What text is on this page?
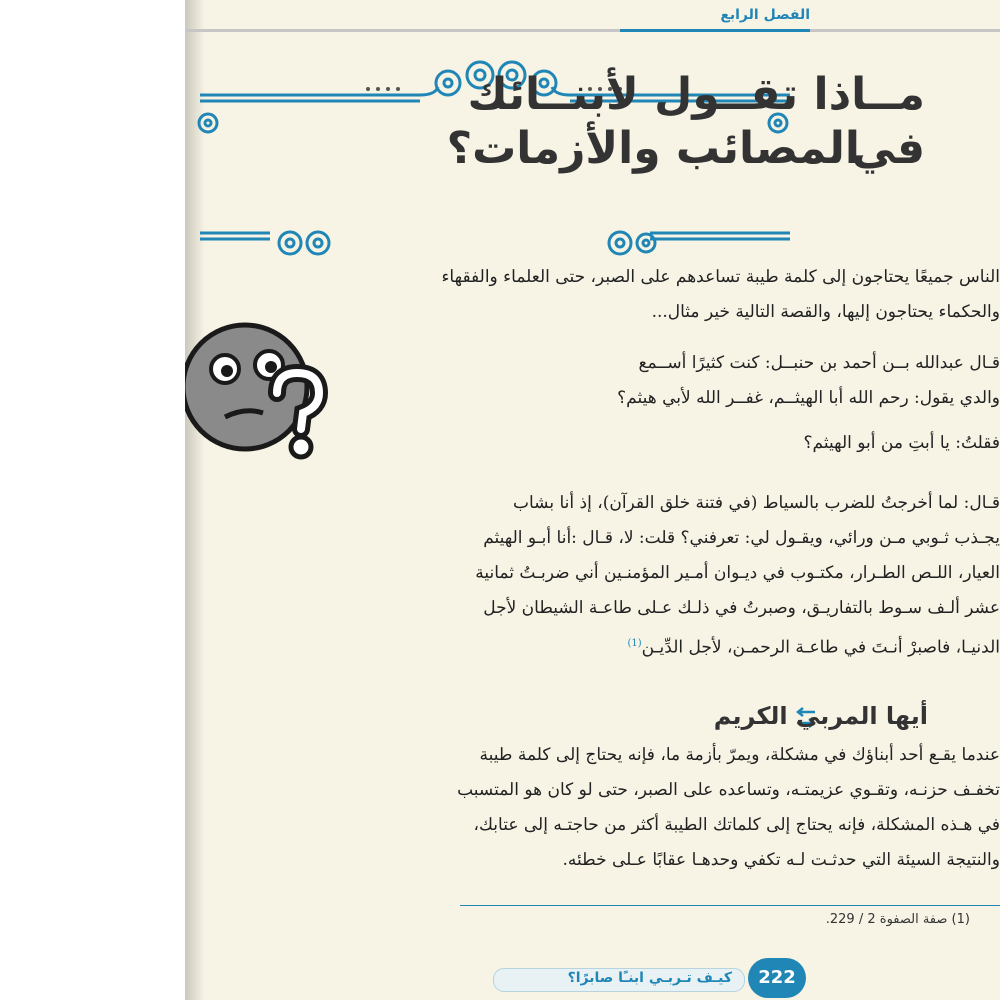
الفصل الرابع
مــاذا تقــول لأبنــائك في
المصائب والأزمات؟
الناس جميعًا يحتاجون إلى كلمة طيبة تساعدهم على الصبر، حتى العلماء والفقهاء
والحكماء يحتاجون إليها، والقصة التالية خير مثال...
قـال عبدالله بــن أحمد بن حنبــل: كنت كثيرًا أســمع
والدي يقول: رحم الله أبا الهيثــم، غفــر الله لأبي هيثم؟
فقلتُ: يا أبتِ من أبو الهيثم؟
قـال: لما أخرجتُ للضرب بالسياط (في فتنة خلق القرآن)، إذ أنا بشاب
يجـذب ثـوبي مـن ورائي، ويقـول لي: تعرفني؟ قلت: لا، قـال :أنا أبـو الهيثم
العيار، اللـص الطـرار، مكتـوب في ديـوان أمـير المؤمنـين أني ضربـتُ ثمانية
عشر ألـف سـوط بالتفاريـق، وصبرتُ في ذلـك عـلى طاعـة الشيطان لأجل
الدنيـا، فاصبرْ أنـتَ في طاعـة الرحمـن، لأجل الدِّيـن$^{(1)}$
أيها المربي الكريم
عندما يقـع أحد أبناؤك في مشكلة، ويمرّ بأزمة ما، فإنه يحتاج إلى كلمة طيبة
تخفـف حزنـه، وتقـوي عزيمتـه، وتساعده على الصبر، حتى لو كان هو المتسبب
في هـذه المشكلة، فإنه يحتاج إلى كلماتك الطيبة أكثر من حاجتـه إلى عتابك،
والنتيجة السيئة التي حدثـت لـه تكفي وحدهـا عقابًا عـلى خطئه.
(1) صفة الصفوة 2 / 229.
كيـف تـربـي ابنـًا صابرًا؟	222
